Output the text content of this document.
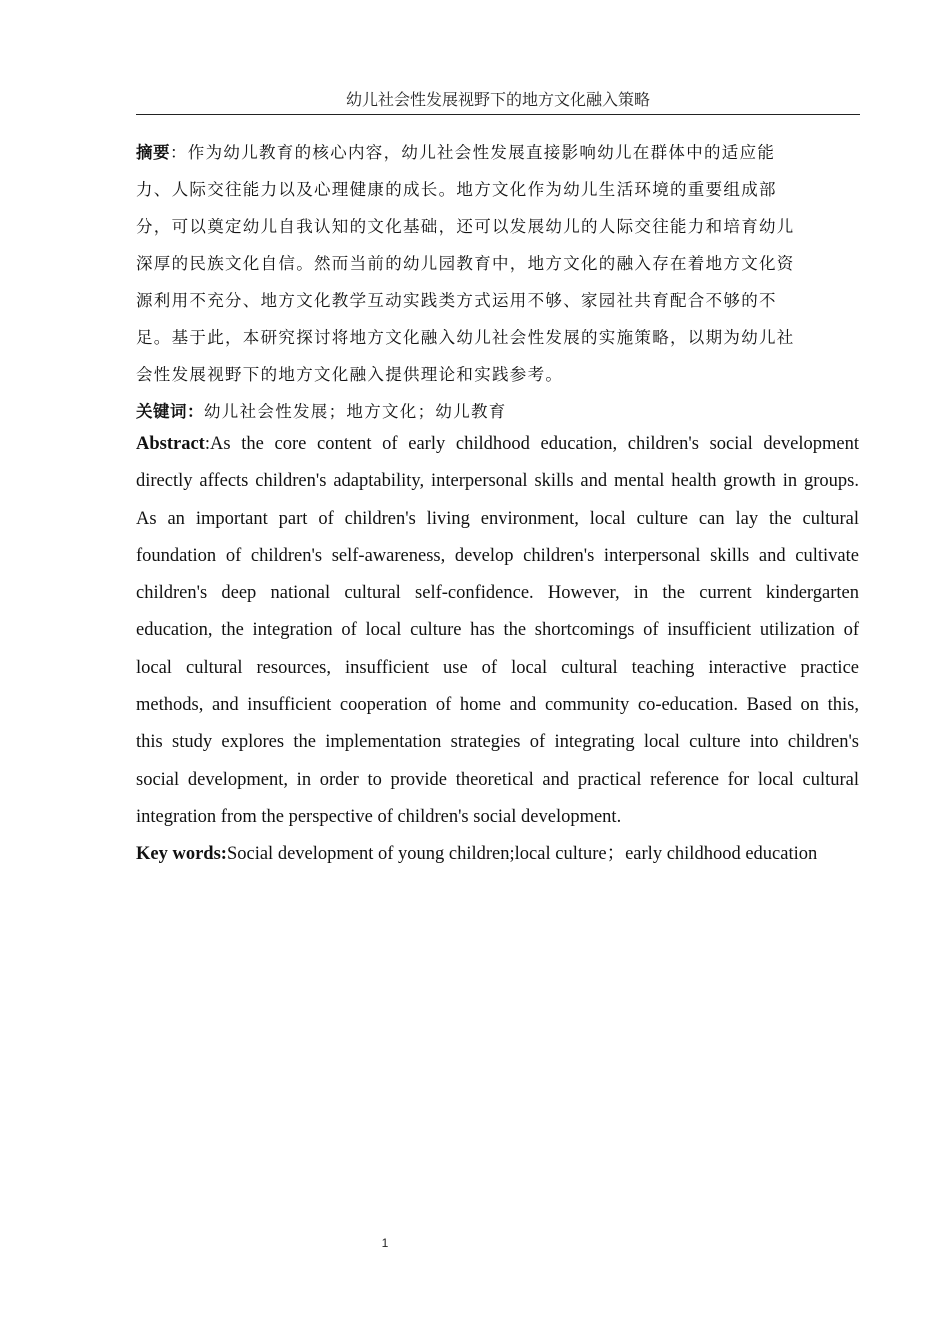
幼儿社会性发展视野下的地方文化融入策略
摘要：作为幼儿教育的核心内容，幼儿社会性发展直接影响幼儿在群体中的适应能
力、人际交往能力以及心理健康的成长。地方文化作为幼儿生活环境的重要组成部
分，可以奠定幼儿自我认知的文化基础，还可以发展幼儿的人际交往能力和培育幼儿
深厚的民族文化自信。然而当前的幼儿园教育中，地方文化的融入存在着地方文化资
源利用不充分、地方文化教学互动实践类方式运用不够、家园社共育配合不够的不
足。基于此，本研究探讨将地方文化融入幼儿社会性发展的实施策略，以期为幼儿社
会性发展视野下的地方文化融入提供理论和实践参考。
关键词：幼儿社会性发展；地方文化；幼儿教育
Abstract:As the core content of early childhood education, children's social development
directly affects children's adaptability, interpersonal skills and mental health growth in groups.
As an important part of children's living environment, local culture can lay the cultural
foundation of children's self-awareness, develop children's interpersonal skills and cultivate
children's deep national cultural self-confidence. However, in the current kindergarten
education, the integration of local culture has the shortcomings of insufficient utilization of
local cultural resources, insufficient use of local cultural teaching interactive practice
methods, and insufficient cooperation of home and community co-education. Based on this,
this study explores the implementation strategies of integrating local culture into children's
social development, in order to provide theoretical and practical reference for local cultural
integration from the perspective of children's social development.
Key words:Social development of young children;local culture；early childhood education
1
